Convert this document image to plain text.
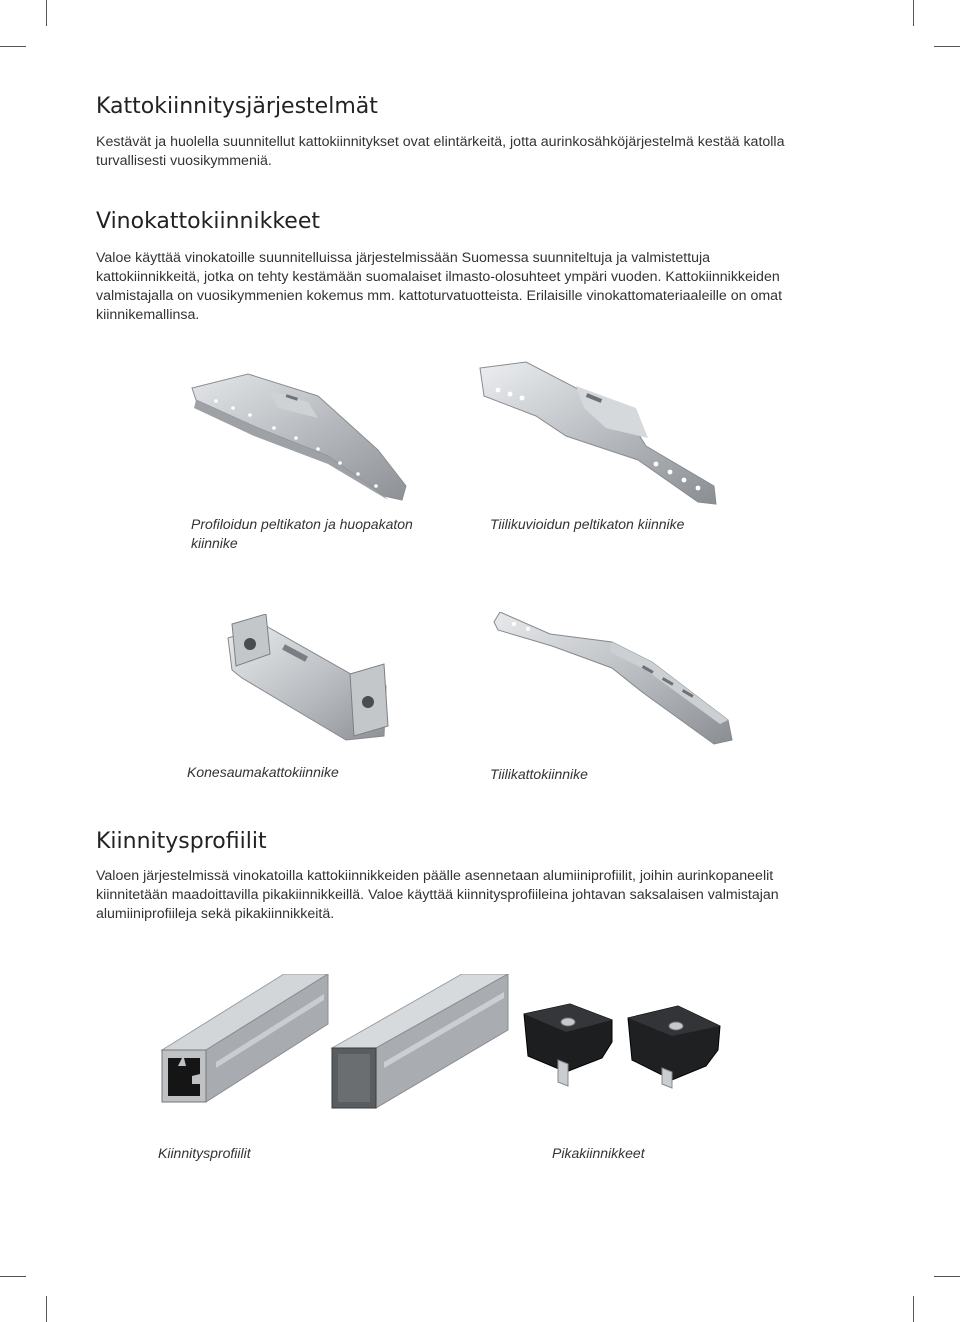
Kattokiinnitysjärjestelmät

Kestävät ja huolella suunnitellut kattokiinnitykset ovat elintärkeitä, jotta aurinkosähköjärjestelmä kestää katolla turvallisesti vuosikymmeniä.

Vinokattokiinnikkeet

Valoe käyttää vinokatoille suunnitelluissa järjestelmissään Suomessa suunniteltuja ja valmistettuja kattokiinnikkeitä, jotka on tehty kestämään suomalaiset ilmasto-olosuhteet ympäri vuoden. Kattokiinnikkeiden valmistajalla on vuosikymmenien kokemus mm. kattoturvatuotteista. Erilaisille vinokattomateriaaleille on omat kiinnikemallinsa.

Profiloidun peltikaton ja huopakaton kiinnike

Tiilikuvioidun peltikaton kiinnike

Konesaumakattokiinnike	Tiilikattokiinnike

Kiinnitysprofiilit

Valoen järjestelmissä vinokatoilla kattokiinnikkeiden päälle asennetaan alumiiniprofiilit, joihin aurinkopaneelit kiinnitetään maadoittavilla pikakiinnikkeillä. Valoe käyttää kiinnitysprofiileina johtavan saksalaisen valmistajan alumiiniprofiileja sekä pikakiinnikkeitä.

Kiinnitysprofiilit	Pikakiinnikkeet
